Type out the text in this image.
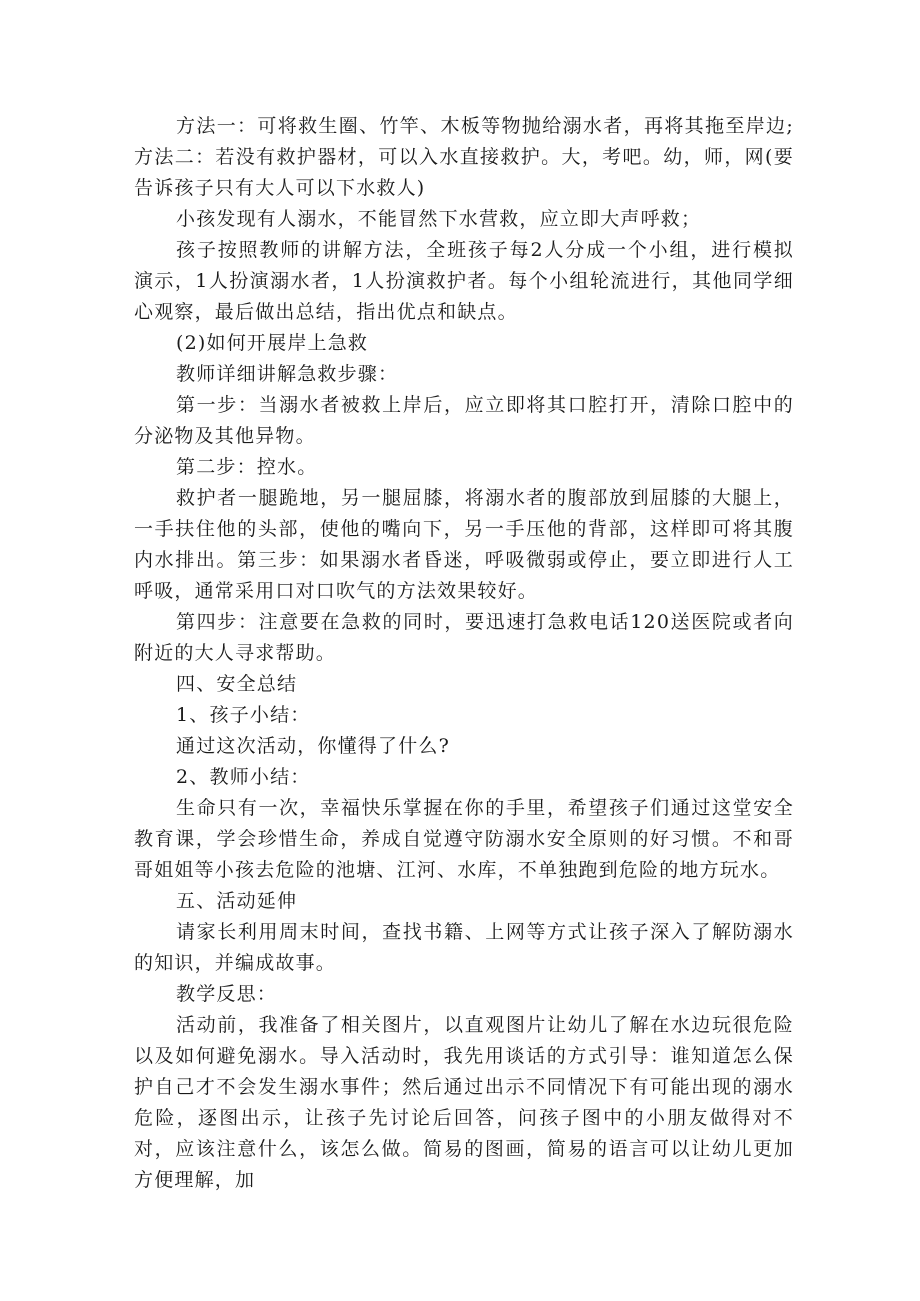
方法一：可将救生圈、竹竿、木板等物抛给溺水者，再将其拖至岸边;方法二：若没有救护器材，可以入水直接救护。大，考吧。幼，师，网(要告诉孩子只有大人可以下水救人)

小孩发现有人溺水，不能冒然下水营救，应立即大声呼救；

孩子按照教师的讲解方法，全班孩子每2人分成一个小组，进行模拟演示，1人扮演溺水者，1人扮演救护者。每个小组轮流进行，其他同学细心观察，最后做出总结，指出优点和缺点。

(2)如何开展岸上急救

教师详细讲解急救步骤：

第一步：当溺水者被救上岸后，应立即将其口腔打开，清除口腔中的分泌物及其他异物。

第二步：控水。

救护者一腿跪地，另一腿屈膝，将溺水者的腹部放到屈膝的大腿上，一手扶住他的头部，使他的嘴向下，另一手压他的背部，这样即可将其腹内水排出。第三步：如果溺水者昏迷，呼吸微弱或停止，要立即进行人工呼吸，通常采用口对口吹气的方法效果较好。

第四步：注意要在急救的同时，要迅速打急救电话120送医院或者向附近的大人寻求帮助。

四、安全总结

1、孩子小结：

通过这次活动，你懂得了什么?

2、教师小结：

生命只有一次，幸福快乐掌握在你的手里，希望孩子们通过这堂安全教育课，学会珍惜生命，养成自觉遵守防溺水安全原则的好习惯。不和哥哥姐姐等小孩去危险的池塘、江河、水库，不单独跑到危险的地方玩水。

五、活动延伸

请家长利用周末时间，查找书籍、上网等方式让孩子深入了解防溺水的知识，并编成故事。

教学反思：

活动前，我准备了相关图片，以直观图片让幼儿了解在水边玩很危险以及如何避免溺水。导入活动时，我先用谈话的方式引导：谁知道怎么保护自己才不会发生溺水事件；然后通过出示不同情况下有可能出现的溺水危险，逐图出示，让孩子先讨论后回答，问孩子图中的小朋友做得对不对，应该注意什么，该怎么做。简易的图画，简易的语言可以让幼儿更加方便理解，加
